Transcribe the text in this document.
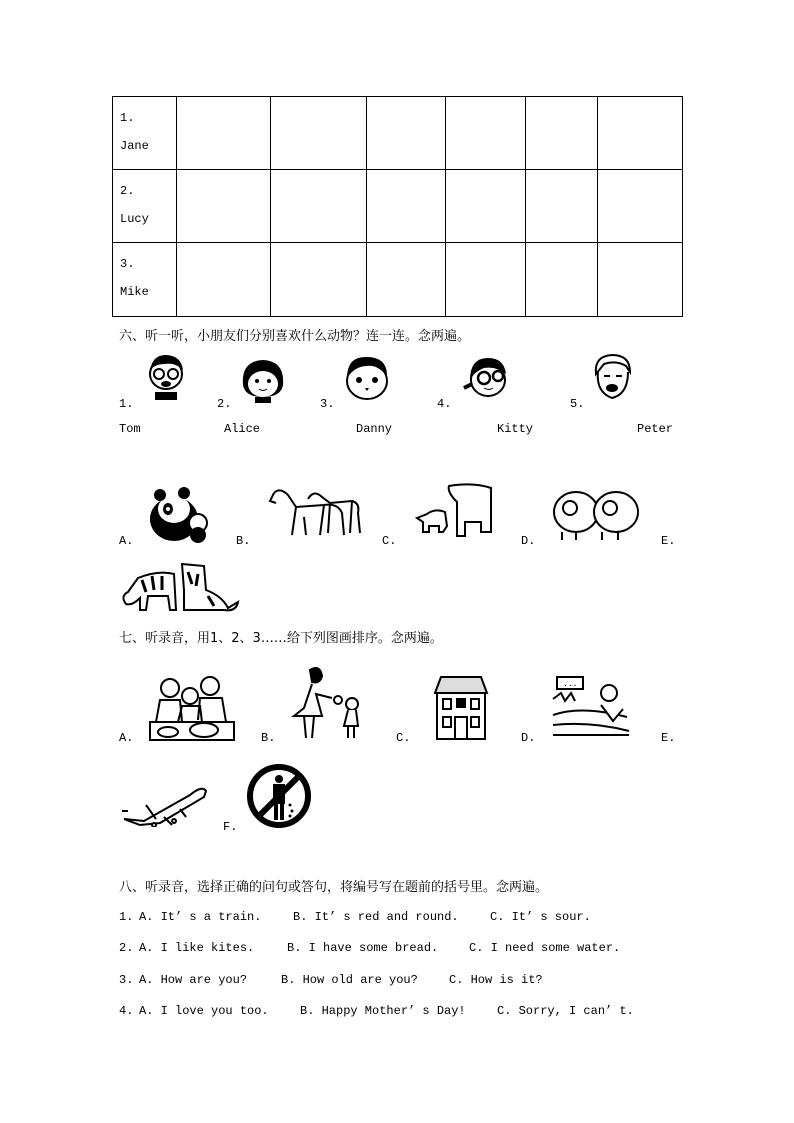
1.
Jane						

2.
Lucy						

3.
Mike						

六、听一听，小朋友们分别喜欢什么动物？连一连。念两遍。
1.	2.	3.	4.	5.
Tom	Alice	Danny	Kitty	Peter
A.	B.	C.	D.	E.
七、听录音，用1、2、3……给下列图画排序。念两遍。
A.	B.	C.	D.
...
E.
F.
八、听录音，选择正确的问句或答句，将编号写在题前的括号里。念两遍。
1. A. It’ s a train.	B. It’ s red and round.	C. It’ s sour.
2. A. I like kites.	B. I have some bread.	C. I need some water.
3. A. How are you?	B. How old are you?	C. How is it?
4. A. I love you too.	B. Happy Mother’ s Day!	C. Sorry, I can’ t.
